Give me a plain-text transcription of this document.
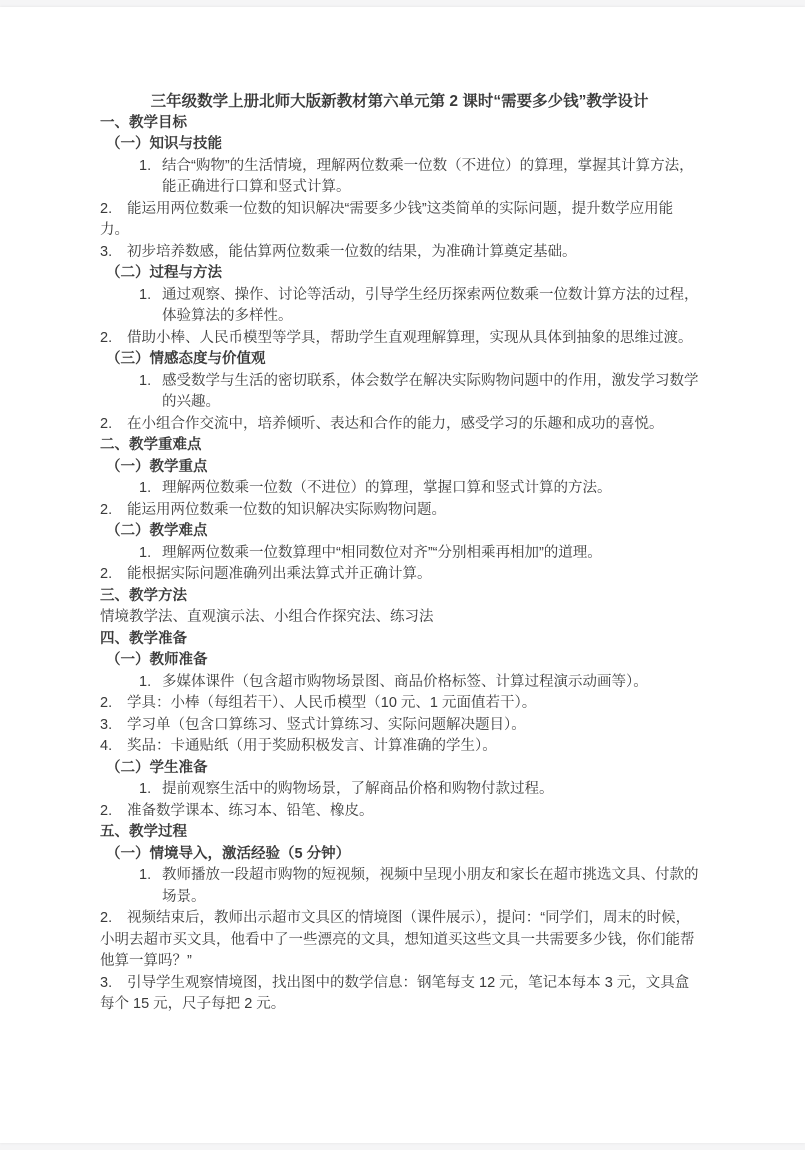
三年级数学上册北师大版新教材第六单元第 2 课时“需要多少钱”教学设计
一、教学目标
（一）知识与技能
1. 结合“购物”的生活情境，理解两位数乘一位数（不进位）的算理，掌握其计算方法，能正确进行口算和竖式计算。
2. 能运用两位数乘一位数的知识解决“需要多少钱”这类简单的实际问题，提升数学应用能力。
3. 初步培养数感，能估算两位数乘一位数的结果，为准确计算奠定基础。
（二）过程与方法
1. 通过观察、操作、讨论等活动，引导学生经历探索两位数乘一位数计算方法的过程，体验算法的多样性。
2. 借助小棒、人民币模型等学具，帮助学生直观理解算理，实现从具体到抽象的思维过渡。
（三）情感态度与价值观
1. 感受数学与生活的密切联系，体会数学在解决实际购物问题中的作用，激发学习数学的兴趣。
2. 在小组合作交流中，培养倾听、表达和合作的能力，感受学习的乐趣和成功的喜悦。
二、教学重难点
（一）教学重点
1. 理解两位数乘一位数（不进位）的算理，掌握口算和竖式计算的方法。
2. 能运用两位数乘一位数的知识解决实际购物问题。
（二）教学难点
1. 理解两位数乘一位数算理中“相同数位对齐”“分别相乘再相加”的道理。
2. 能根据实际问题准确列出乘法算式并正确计算。
三、教学方法
情境教学法、直观演示法、小组合作探究法、练习法
四、教学准备
（一）教师准备
1. 多媒体课件（包含超市购物场景图、商品价格标签、计算过程演示动画等）。
2. 学具：小棒（每组若干）、人民币模型（10 元、1 元面值若干）。
3. 学习单（包含口算练习、竖式计算练习、实际问题解决题目）。
4. 奖品：卡通贴纸（用于奖励积极发言、计算准确的学生）。
（二）学生准备
1. 提前观察生活中的购物场景，了解商品价格和购物付款过程。
2. 准备数学课本、练习本、铅笔、橡皮。
五、教学过程
（一）情境导入，激活经验（5 分钟）
1. 教师播放一段超市购物的短视频，视频中呈现小朋友和家长在超市挑选文具、付款的场景。
2. 视频结束后，教师出示超市文具区的情境图（课件展示），提问：“同学们，周末的时候，小明去超市买文具，他看中了一些漂亮的文具，想知道买这些文具一共需要多少钱，你们能帮他算一算吗？”
3. 引导学生观察情境图，找出图中的数学信息：钢笔每支 12 元，笔记本每本 3 元，文具盒每个 15 元，尺子每把 2 元。
